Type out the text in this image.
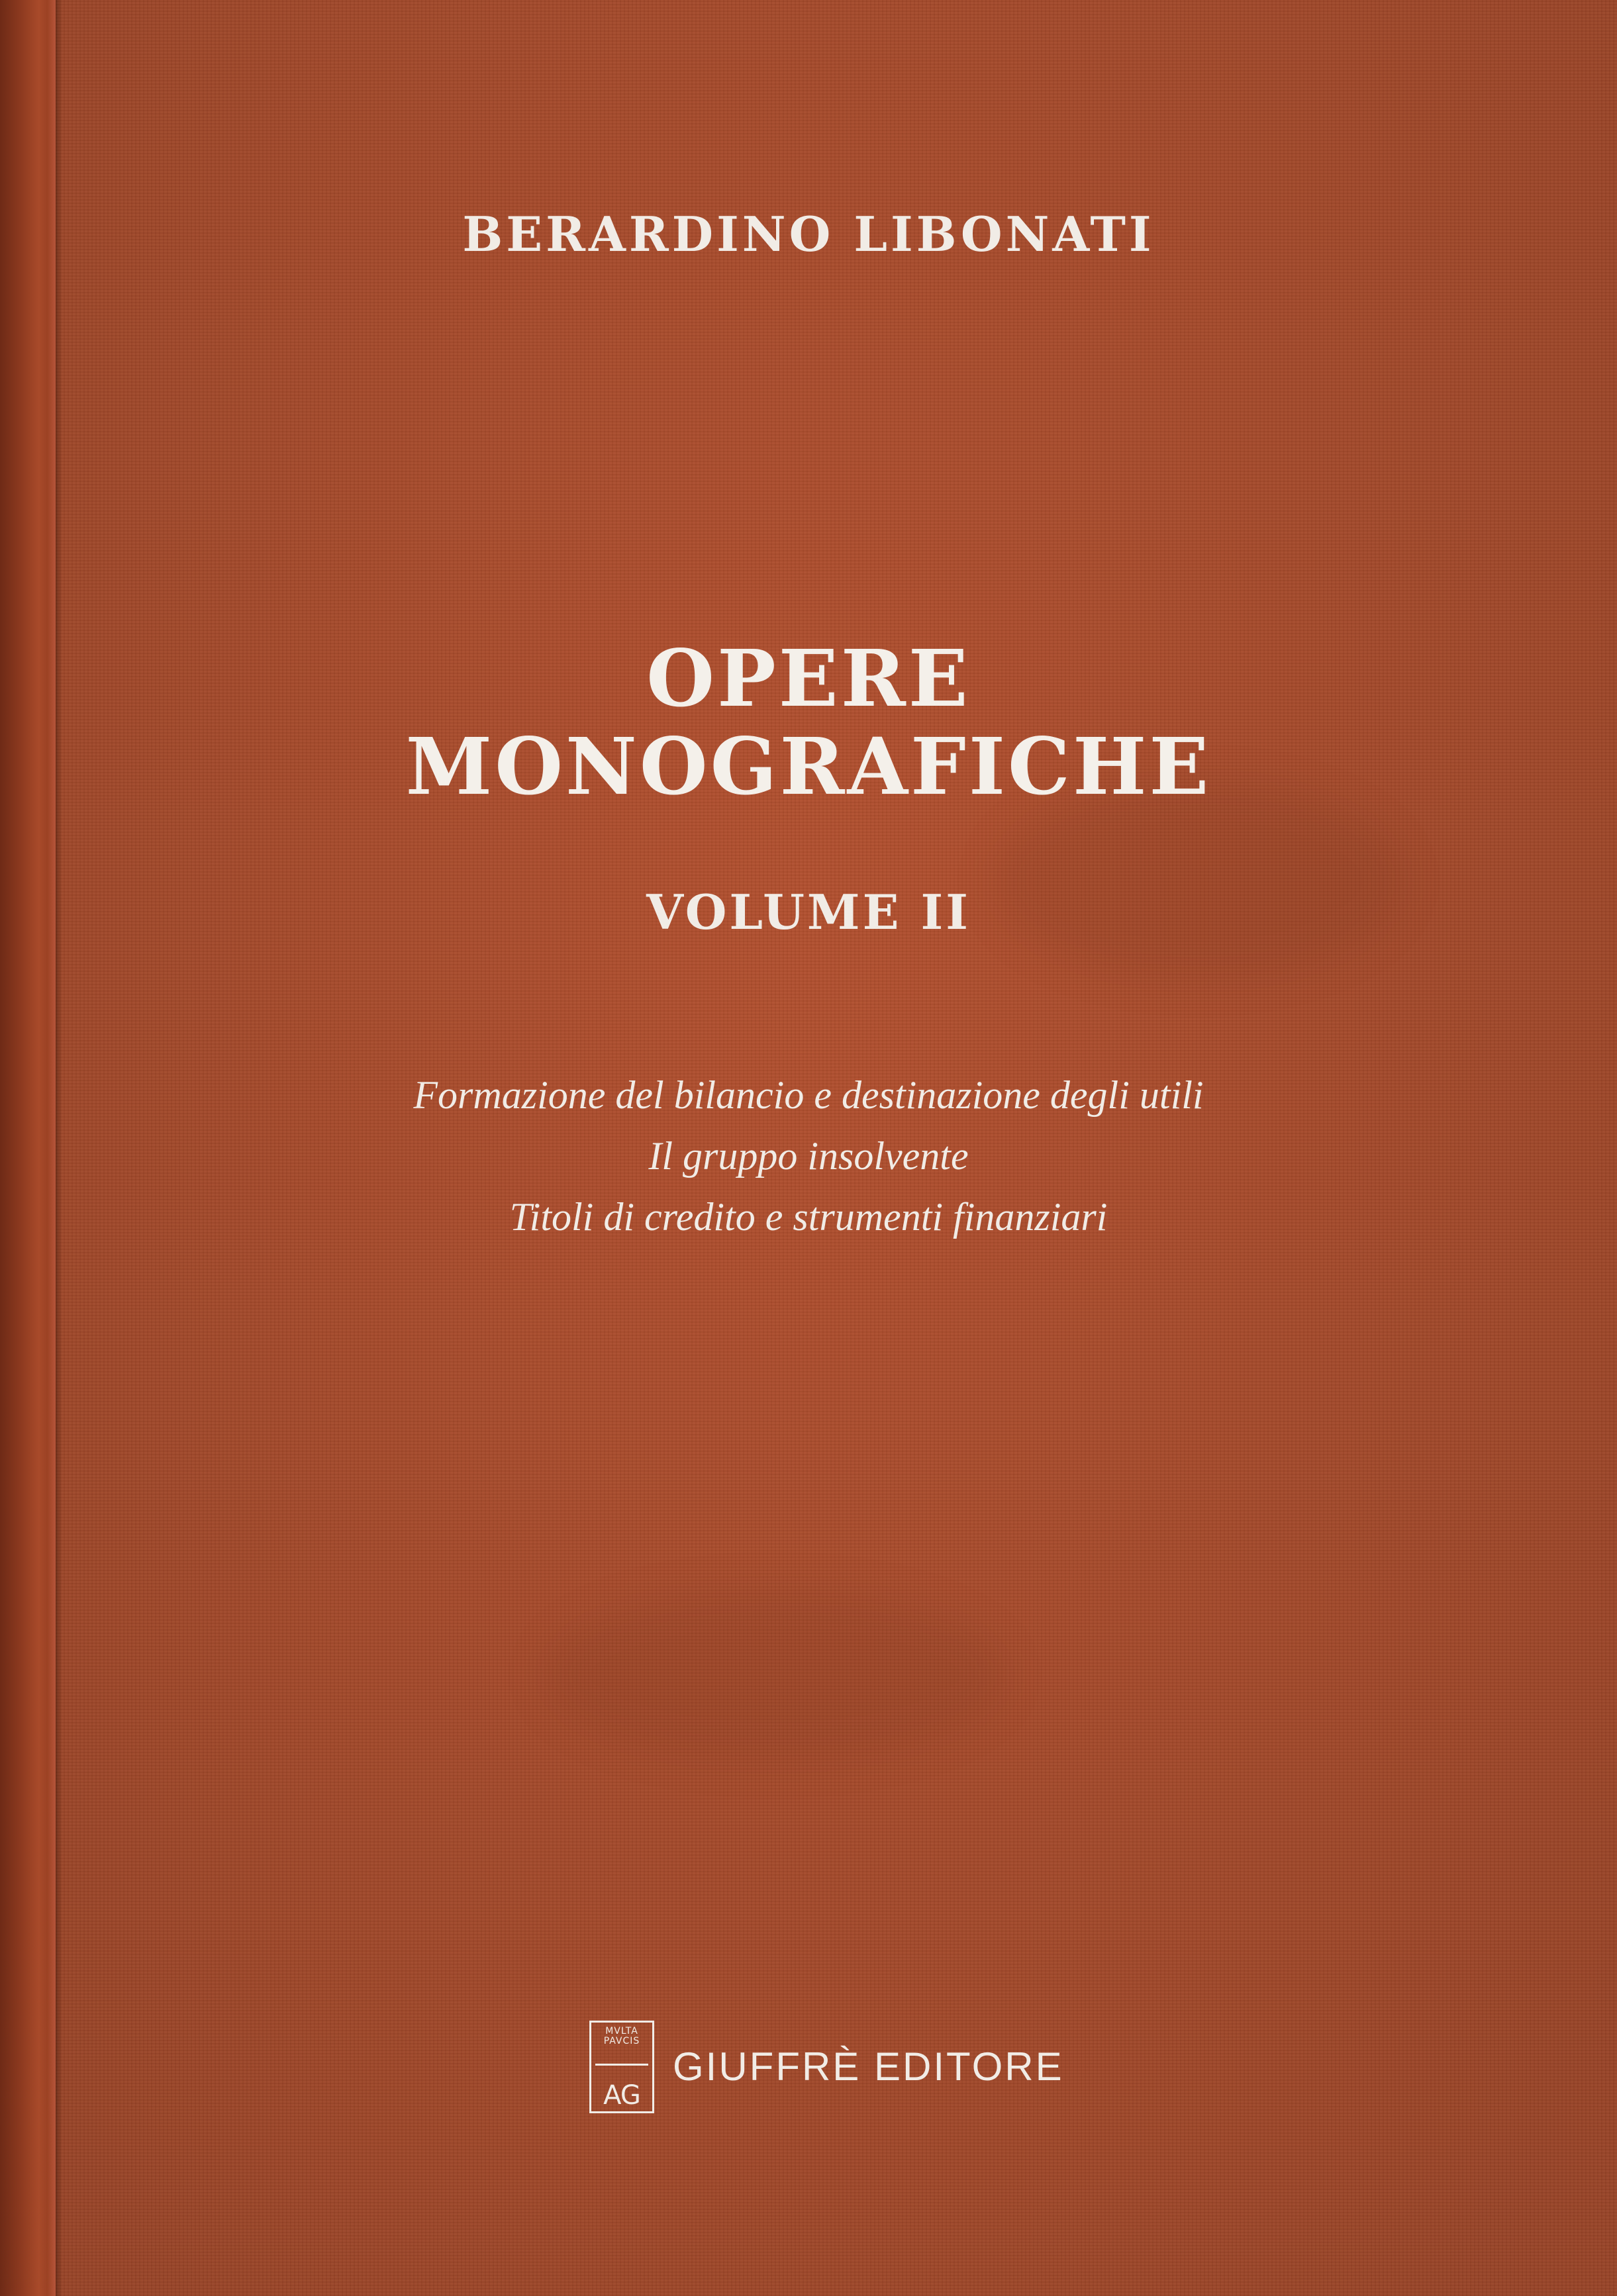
BERARDINO LIBONATI
OPERE
MONOGRAFICHE
VOLUME II
Formazione del bilancio e destinazione degli utili
Il gruppo insolvente
Titoli di credito e strumenti finanziari
MVLTA
PAVCIS
AG
GIUFFRÈ EDITORE
